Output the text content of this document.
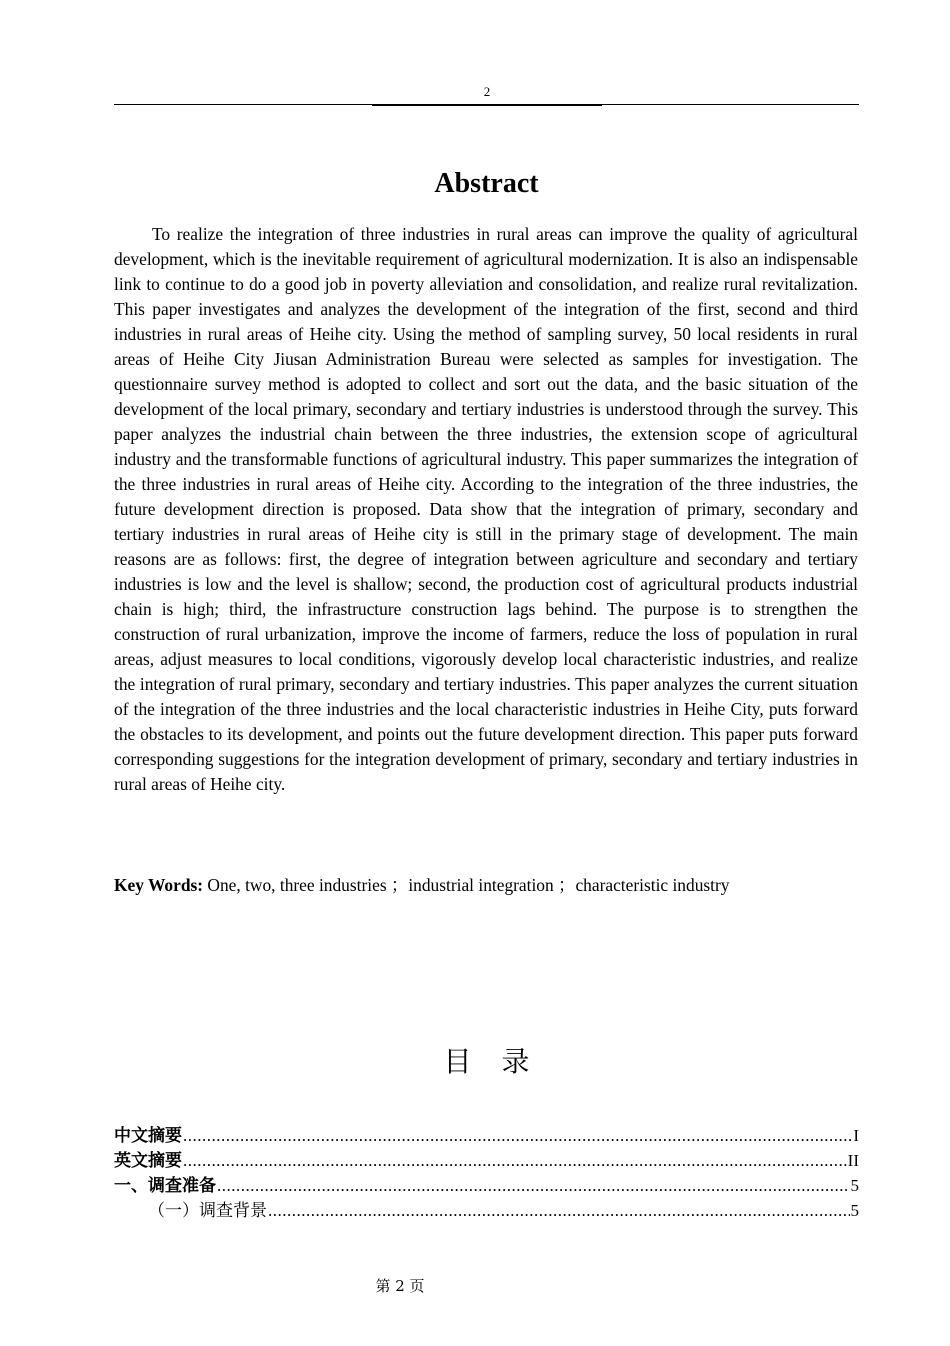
2
Abstract

To realize the integration of three industries in rural areas can improve the quality of agricultural development, which is the inevitable requirement of agricultural modernization. It is also an indispensable link to continue to do a good job in poverty alleviation and consolidation, and realize rural revitalization. This paper investigates and analyzes the development of the integration of the first, second and third industries in rural areas of Heihe city. Using the method of sampling survey, 50 local residents in rural areas of Heihe City Jiusan Administration Bureau were selected as samples for investigation. The questionnaire survey method is adopted to collect and sort out the data, and the basic situation of the development of the local primary, secondary and tertiary industries is understood through the survey. This paper analyzes the industrial chain between the three industries, the extension scope of agricultural industry and the transformable functions of agricultural industry. This paper summarizes the integration of the three industries in rural areas of Heihe city. According to the integration of the three industries, the future development direction is proposed. Data show that the integration of primary, secondary and tertiary industries in rural areas of Heihe city is still in the primary stage of development. The main reasons are as follows: first, the degree of integration between agriculture and secondary and tertiary industries is low and the level is shallow; second, the production cost of agricultural products industrial chain is high; third, the infrastructure construction lags behind. The purpose is to strengthen the construction of rural urbanization, improve the income of farmers, reduce the loss of population in rural areas, adjust measures to local conditions, vigorously develop local characteristic industries, and realize the integration of rural primary, secondary and tertiary industries. This paper analyzes the current situation of the integration of the three industries and the local characteristic industries in Heihe City, puts forward the obstacles to its development, and points out the future development direction. This paper puts forward corresponding suggestions for the integration development of primary, secondary and tertiary industries in rural areas of Heihe city.

Key Words: One, two, three industries ；industrial integration ；characteristic industry
目录
中文摘要 .....	I
英文摘要 .....	II
一、调查准备 .....	5
（一）调查背景 .....	5
第 2 页
